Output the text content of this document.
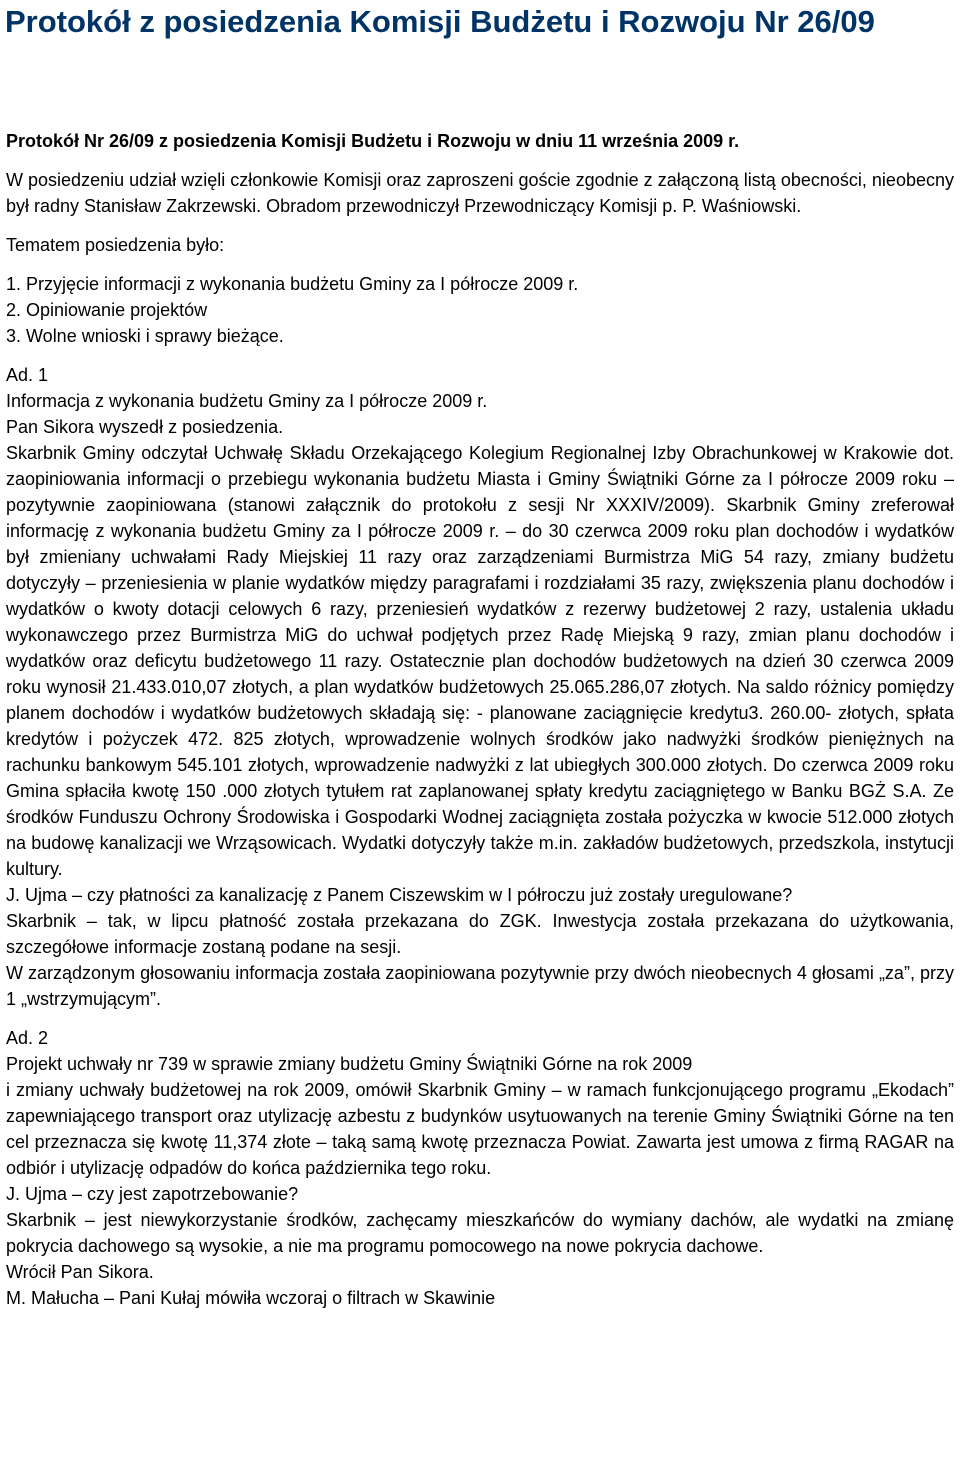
Protokół z posiedzenia Komisji Budżetu i Rozwoju Nr 26/09

Protokół Nr 26/09 z posiedzenia Komisji Budżetu i Rozwoju w dniu 11 września 2009 r.

W posiedzeniu udział wzięli członkowie Komisji oraz zaproszeni goście zgodnie z załączoną listą obecności, nieobecny był radny Stanisław Zakrzewski. Obradom przewodniczył Przewodniczący Komisji p. P. Waśniowski.

Tematem posiedzenia było:

1. Przyjęcie informacji z wykonania budżetu Gminy za I półrocze 2009 r.
2. Opiniowanie projektów
3. Wolne wnioski i sprawy bieżące.

Ad. 1

Informacja z wykonania budżetu Gminy za I półrocze 2009 r.

Pan Sikora wyszedł z posiedzenia.

Skarbnik Gminy odczytał Uchwałę Składu Orzekającego Kolegium Regionalnej Izby Obrachunkowej w Krakowie dot. zaopiniowania informacji o przebiegu wykonania budżetu Miasta i Gminy Świątniki Górne za I półrocze 2009 roku – pozytywnie zaopiniowana (stanowi załącznik do protokołu z sesji Nr XXXIV/2009). Skarbnik Gminy zreferował informację z wykonania budżetu Gminy za I półrocze 2009 r. – do 30 czerwca 2009 roku plan dochodów i wydatków był zmieniany uchwałami Rady Miejskiej 11 razy oraz zarządzeniami Burmistrza MiG 54 razy, zmiany budżetu dotyczyły – przeniesienia w planie wydatków między paragrafami i rozdziałami 35 razy, zwiększenia planu dochodów i wydatków o kwoty dotacji celowych 6 razy, przeniesień wydatków z rezerwy budżetowej 2 razy, ustalenia układu wykonawczego przez Burmistrza MiG do uchwał podjętych przez Radę Miejską 9 razy, zmian planu dochodów i wydatków oraz deficytu budżetowego 11 razy. Ostatecznie plan dochodów budżetowych na dzień 30 czerwca 2009 roku wynosił 21.433.010,07 złotych, a plan wydatków budżetowych 25.065.286,07 złotych. Na saldo różnicy pomiędzy planem dochodów i wydatków budżetowych składają się: - planowane zaciągnięcie kredytu3. 260.00- złotych, spłata kredytów i pożyczek 472. 825 złotych, wprowadzenie wolnych środków jako nadwyżki środków pieniężnych na rachunku bankowym 545.101 złotych, wprowadzenie nadwyżki z lat ubiegłych 300.000 złotych. Do czerwca 2009 roku Gmina spłaciła kwotę 150 .000 złotych tytułem rat zaplanowanej spłaty kredytu zaciągniętego w Banku BGŻ S.A. Ze środków Funduszu Ochrony Środowiska i Gospodarki Wodnej zaciągnięta została pożyczka w kwocie 512.000 złotych na budowę kanalizacji we Wrząsowicach. Wydatki dotyczyły także m.in. zakładów budżetowych, przedszkola, instytucji kultury.

J. Ujma – czy płatności za kanalizację z Panem Ciszewskim w I półroczu już zostały uregulowane?

Skarbnik – tak, w lipcu płatność została przekazana do ZGK. Inwestycja została przekazana do użytkowania, szczegółowe informacje zostaną podane na sesji.

W zarządzonym głosowaniu informacja została zaopiniowana pozytywnie przy dwóch nieobecnych 4 głosami „za”, przy 1 „wstrzymującym”.

Ad. 2

Projekt uchwały nr 739 w sprawie zmiany budżetu Gminy Świątniki Górne na rok 2009

i zmiany uchwały budżetowej na rok 2009, omówił Skarbnik Gminy – w ramach funkcjonującego programu „Ekodach” zapewniającego transport oraz utylizację azbestu z budynków usytuowanych na terenie Gminy Świątniki Górne na ten cel przeznacza się kwotę 11,374 złote – taką samą kwotę przeznacza Powiat. Zawarta jest umowa z firmą RAGAR na odbiór i utylizację odpadów do końca października tego roku.

J. Ujma – czy jest zapotrzebowanie?

Skarbnik – jest niewykorzystanie środków, zachęcamy mieszkańców do wymiany dachów, ale wydatki na zmianę pokrycia dachowego są wysokie, a nie ma programu pomocowego na nowe pokrycia dachowe.

Wrócił Pan Sikora.

M. Małucha – Pani Kułaj mówiła wczoraj o filtrach w Skawinie
